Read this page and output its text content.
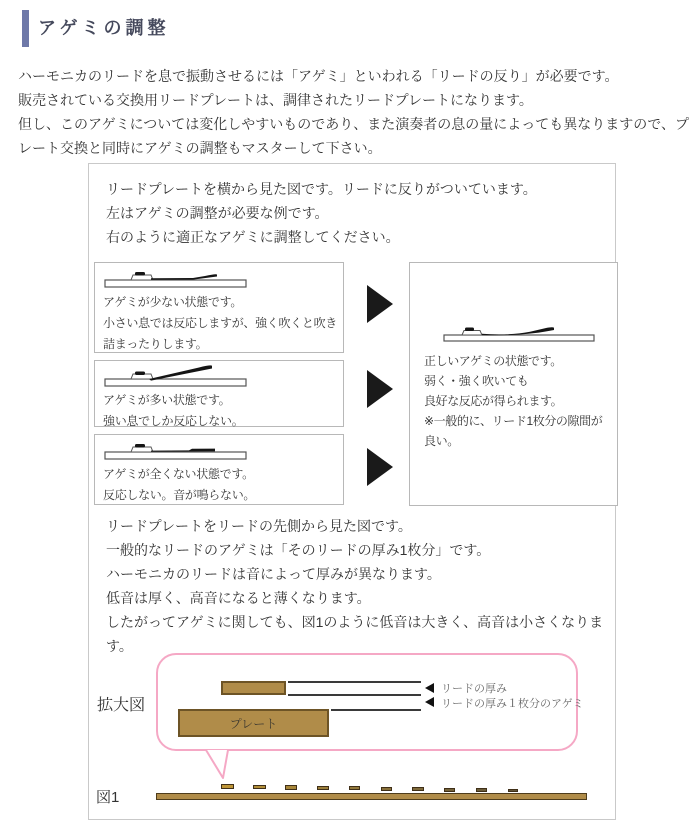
アゲミの調整
ハーモニカのリードを息で振動させるには「アゲミ」といわれる「リードの反り」が必要です。
販売されている交換用リードプレートは、調律されたリードプレートになります。
但し、このアゲミについては変化しやすいものであり、また演奏者の息の量によっても異なりますので、プレート交換と同時にアゲミの調整もマスターして下さい。
リードプレートを横から見た図です。リードに反りがついています。
左はアゲミの調整が必要な例です。
右のように適正なアゲミに調整してください。
アゲミが少ない状態です。
小さい息では反応しますが、強く吹くと吹き詰まったりします。
アゲミが多い状態です。
強い息でしか反応しない。
アゲミが全くない状態です。
反応しない。音が鳴らない。
正しいアゲミの状態です。
弱く・強く吹いても
良好な反応が得られます。
※一般的に、リード1枚分の隙間が良い。
リードプレートをリードの先側から見た図です。
一般的なリードのアゲミは「そのリードの厚み1枚分」です。
ハーモニカのリードは音によって厚みが異なります。
低音は厚く、高音になると薄くなります。
したがってアゲミに関しても、図1のように低音は大きく、高音は小さくなります。
拡大図
リードの厚み
リードの厚み１枚分のアゲミ
プレート
図1
